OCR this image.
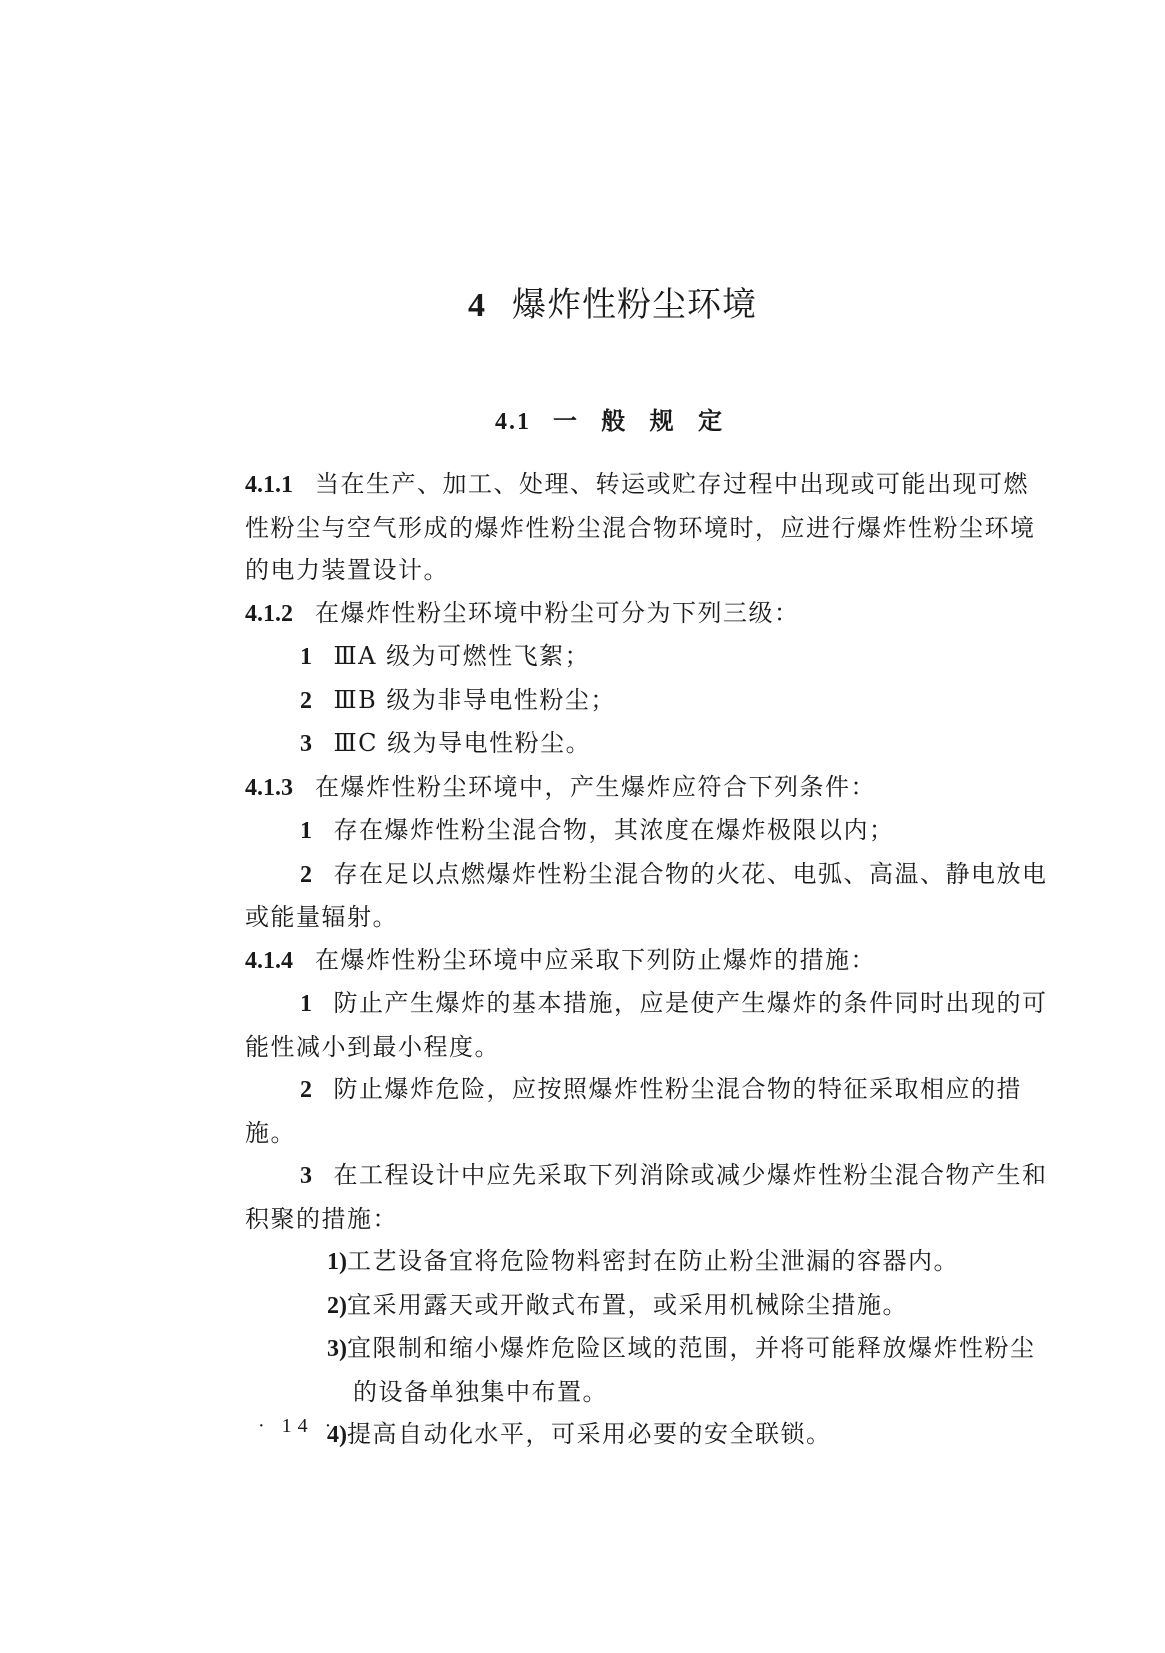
4 爆炸性粉尘环境
4.1 一 般 规 定

4.1.1 当在生产、加工、处理、转运或贮存过程中出现或可能出现可燃性粉尘与空气形成的爆炸性粉尘混合物环境时，应进行爆炸性粉尘环境的电力装置设计。

4.1.2 在爆炸性粉尘环境中粉尘可分为下列三级：

1 ⅢA 级为可燃性飞絮；

2 ⅢB 级为非导电性粉尘；

3 ⅢC 级为导电性粉尘。

4.1.3 在爆炸性粉尘环境中，产生爆炸应符合下列条件：

1 存在爆炸性粉尘混合物，其浓度在爆炸极限以内；

2 存在足以点燃爆炸性粉尘混合物的火花、电弧、高温、静电放电或能量辐射。

4.1.4 在爆炸性粉尘环境中应采取下列防止爆炸的措施：

1 防止产生爆炸的基本措施，应是使产生爆炸的条件同时出现的可能性减小到最小程度。

2 防止爆炸危险，应按照爆炸性粉尘混合物的特征采取相应的措施。

3 在工程设计中应先采取下列消除或减少爆炸性粉尘混合物产生和积聚的措施：

1)工艺设备宜将危险物料密封在防止粉尘泄漏的容器内。

2)宜采用露天或开敞式布置，或采用机械除尘措施。

3)宜限制和缩小爆炸危险区域的范围，并将可能释放爆炸性粉尘的设备单独集中布置。

4)提高自动化水平，可采用必要的安全联锁。

· 14 ·
